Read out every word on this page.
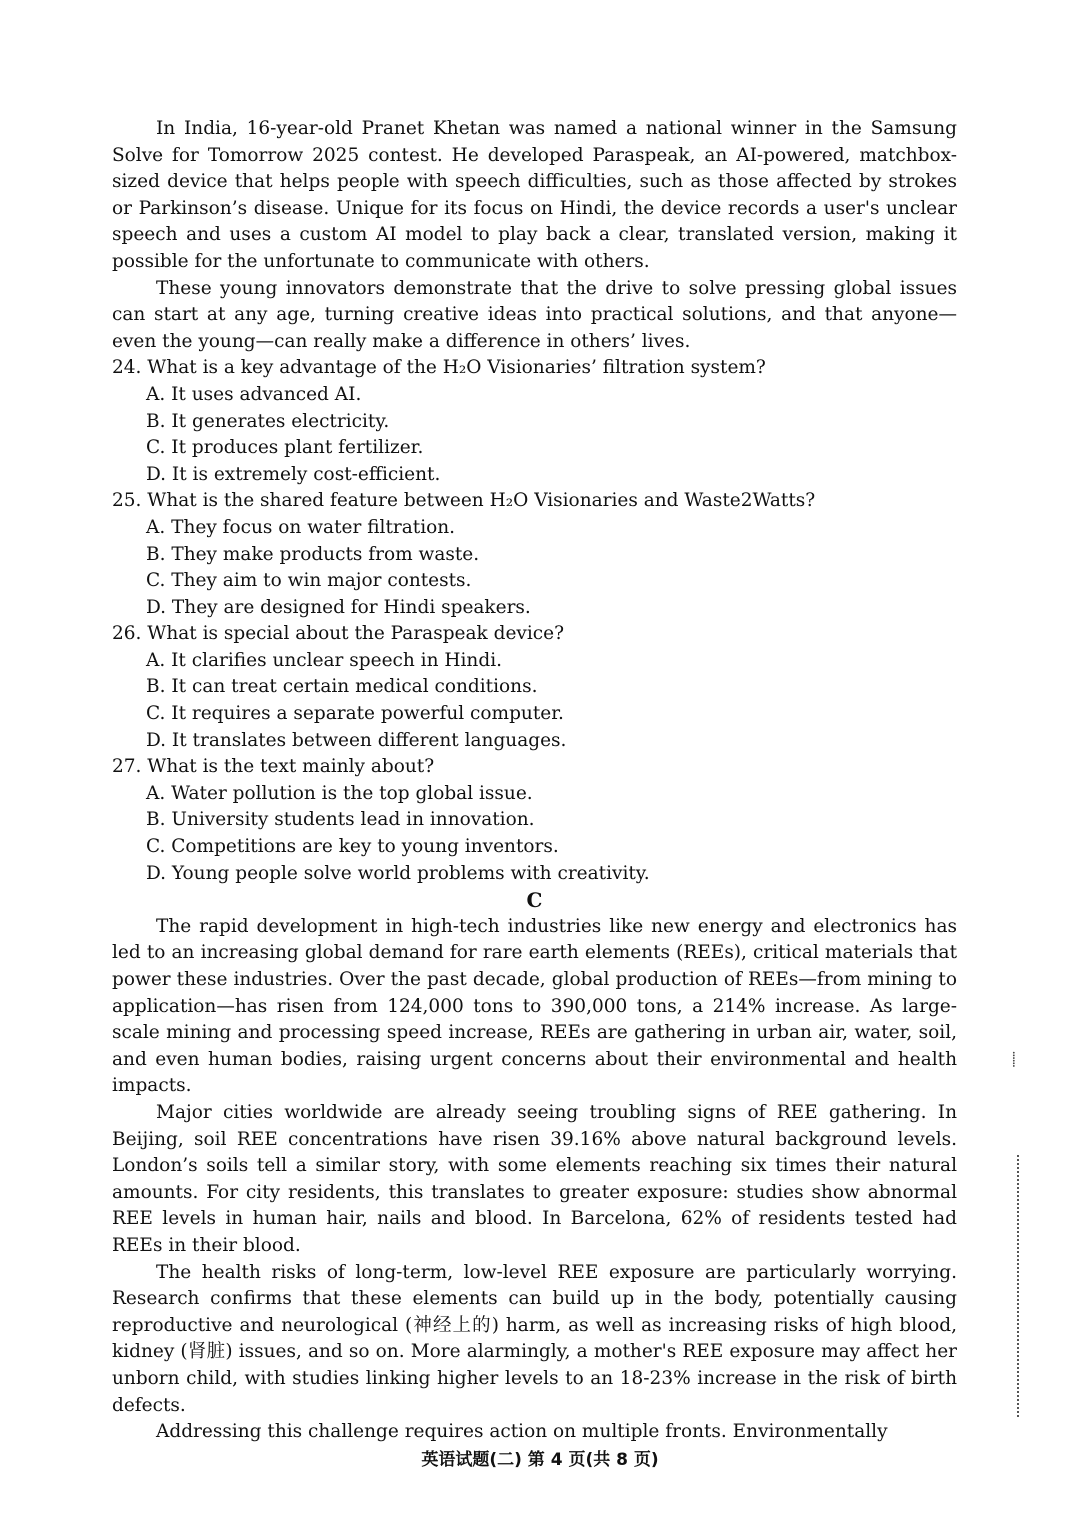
In India, 16-year-old Pranet Khetan was named a national winner in the Samsung Solve for Tomorrow 2025 contest. He developed Paraspeak, an AI-powered, matchbox-sized device that helps people with speech difficulties, such as those affected by strokes or Parkinson’s disease. Unique for its focus on Hindi, the device records a user's unclear speech and uses a custom AI model to play back a clear, translated version, making it possible for the unfortunate to communicate with others.

These young innovators demonstrate that the drive to solve pressing global issues can start at any age, turning creative ideas into practical solutions, and that anyone—even the young—can really make a difference in others’ lives.

24. What is a key advantage of the H₂O Visionaries’ filtration system?

A. It uses advanced AI.

B. It generates electricity.

C. It produces plant fertilizer.

D. It is extremely cost-efficient.

25. What is the shared feature between H₂O Visionaries and Waste2Watts?

A. They focus on water filtration.

B. They make products from waste.

C. They aim to win major contests.

D. They are designed for Hindi speakers.

26. What is special about the Paraspeak device?

A. It clarifies unclear speech in Hindi.

B. It can treat certain medical conditions.

C. It requires a separate powerful computer.

D. It translates between different languages.

27. What is the text mainly about?

A. Water pollution is the top global issue.

B. University students lead in innovation.

C. Competitions are key to young inventors.

D. Young people solve world problems with creativity.

C

The rapid development in high-tech industries like new energy and electronics has led to an increasing global demand for rare earth elements (REEs), critical materials that power these industries. Over the past decade, global production of REEs—from mining to application—has risen from 124,000 tons to 390,000 tons, a 214% increase. As large-scale mining and processing speed increase, REEs are gathering in urban air, water, soil, and even human bodies, raising urgent concerns about their environmental and health impacts.

Major cities worldwide are already seeing troubling signs of REE gathering. In Beijing, soil REE concentrations have risen 39.16% above natural background levels. London’s soils tell a similar story, with some elements reaching six times their natural amounts. For city residents, this translates to greater exposure: studies show abnormal REE levels in human hair, nails and blood. In Barcelona, 62% of residents tested had REEs in their blood.

The health risks of long-term, low-level REE exposure are particularly worrying. Research confirms that these elements can build up in the body, potentially causing reproductive and neurological (神经上的) harm, as well as increasing risks of high blood, kidney (肾脏) issues, and so on. More alarmingly, a mother's REE exposure may affect her unborn child, with studies linking higher levels to an 18-23% increase in the risk of birth defects.

Addressing this challenge requires action on multiple fronts. Environmentally

⸽
英语试题(二) 第 4 页(共 8 页)
